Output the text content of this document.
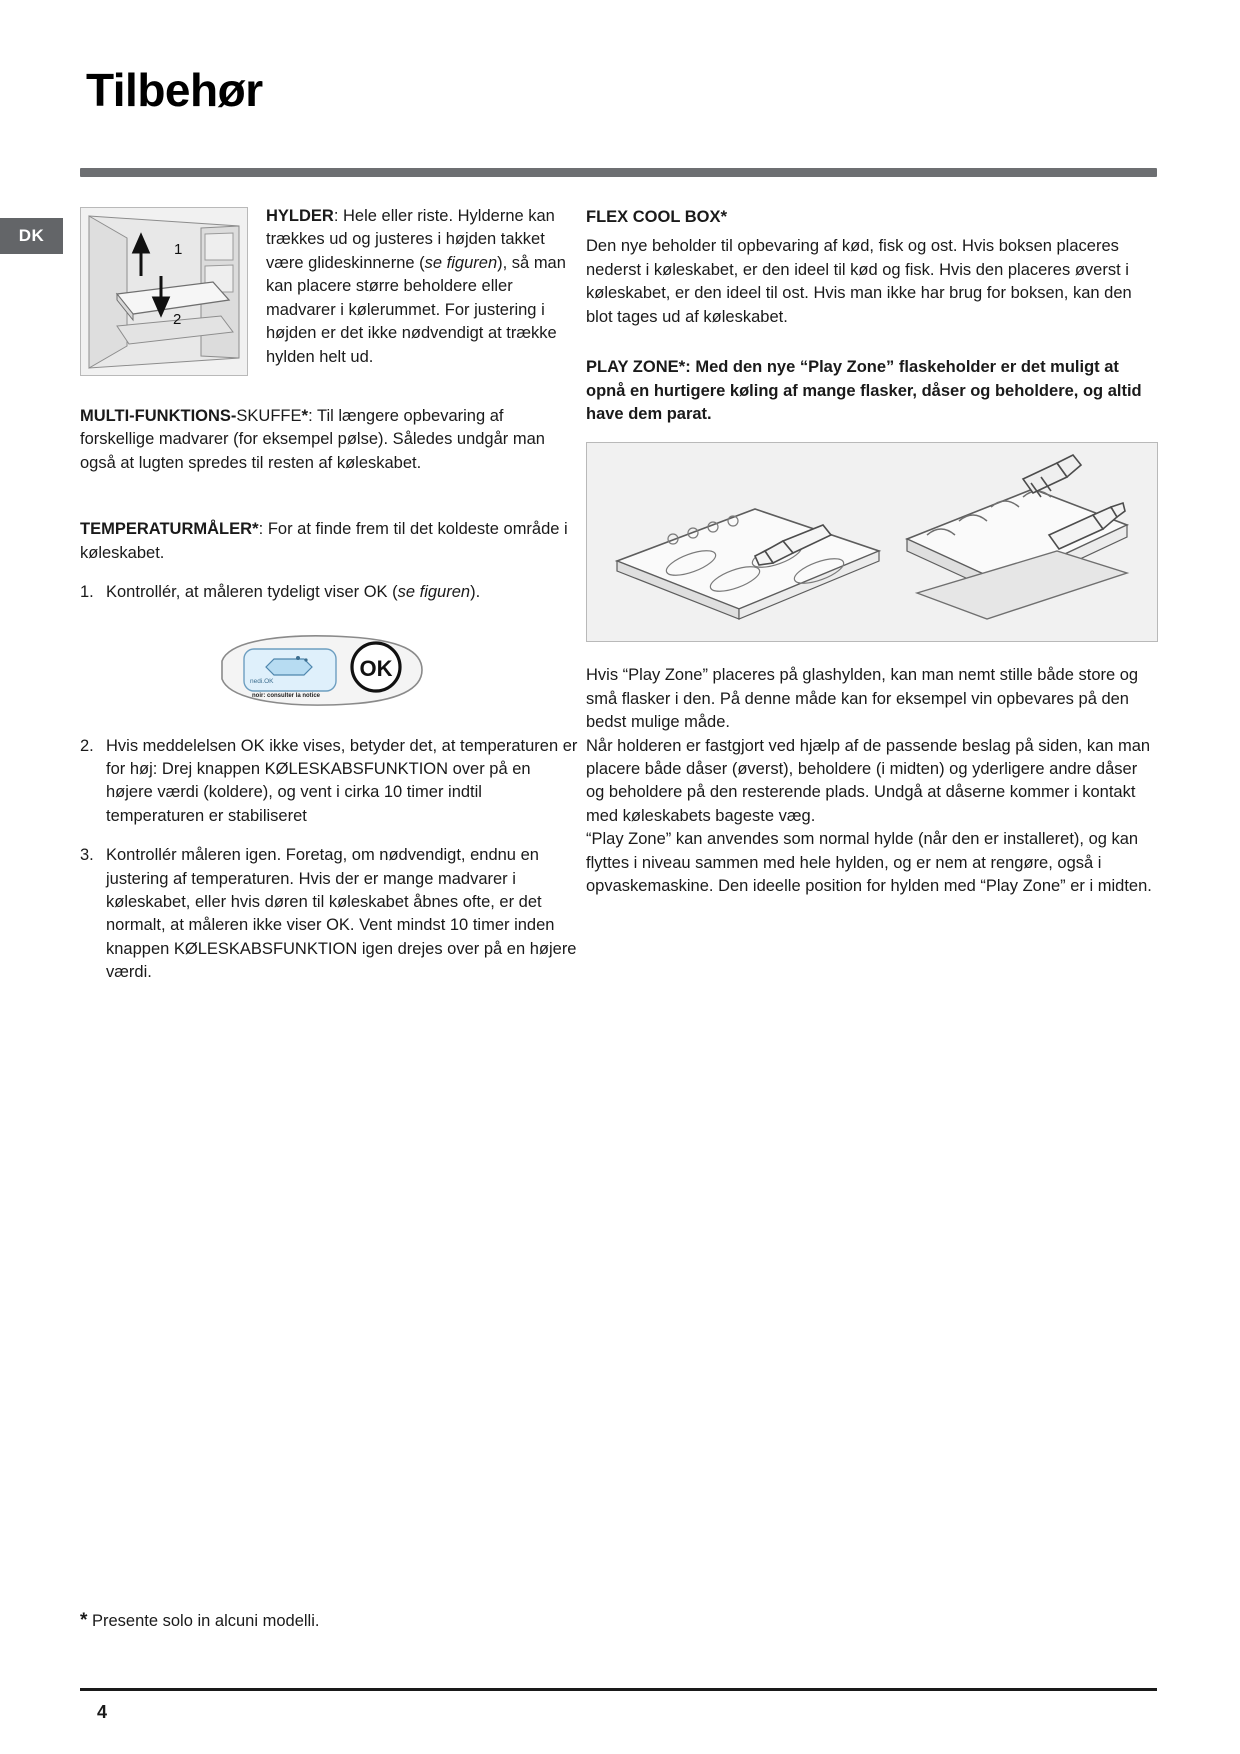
Tilbehør
DK
1
2

HYLDER: Hele eller riste. Hylderne kan trækkes ud og justeres i højden takket være glideskinnerne (se figuren), så man kan placere større beholdere eller madvarer i kølerummet. For justering i højden er det ikke nødvendigt at trække hylden helt ud.

MULTI-FUNKTIONS-SKUFFE*: Til længere opbevaring af forskellige madvarer (for eksempel pølse). Således undgår man også at lugten spredes til resten af køleskabet.

TEMPERATURMÅLER*: For at finde frem til det koldeste område i køleskabet.

1. Kontrollér, at måleren tydeligt viser OK (se figuren).
nedi.OK
noir: consulter la notice
OK
2. Hvis meddelelsen OK ikke vises, betyder det, at temperaturen er for høj: Drej knappen KØLESKABSFUNKTION over på en højere værdi (koldere), og vent i cirka 10 timer indtil temperaturen er stabiliseret
3. Kontrollér måleren igen. Foretag, om nødvendigt, endnu en justering af temperaturen. Hvis der er mange madvarer i køleskabet, eller hvis døren til køleskabet åbnes ofte, er det normalt, at måleren ikke viser OK. Vent mindst 10 timer inden knappen KØLESKABSFUNKTION igen drejes over på en højere værdi.

FLEX COOL BOX*

Den nye beholder til opbevaring af kød, fisk og ost. Hvis boksen placeres nederst i køleskabet, er den ideel til kød og fisk. Hvis den placeres øverst i køleskabet, er den ideel til ost. Hvis man ikke har brug for boksen, kan den blot tages ud af køleskabet.

PLAY ZONE*: Med den nye “Play Zone” flaskeholder er det muligt at opnå en hurtigere køling af mange flasker, dåser og beholdere, og altid have dem parat.

Hvis “Play Zone” placeres på glashylden, kan man nemt stille både store og små flasker i den. På denne måde kan for eksempel vin opbevares på den bedst mulige måde.

Når holderen er fastgjort ved hjælp af de passende beslag på siden, kan man placere både dåser (øverst), beholdere (i midten) og yderligere andre dåser og beholdere på den resterende plads. Undgå at dåserne kommer i kontakt med køleskabets bageste væg.

“Play Zone” kan anvendes som normal hylde (når den er installeret), og kan flyttes i niveau sammen med hele hylden, og er nem at rengøre, også i opvaskemaskine. Den ideelle position for hylden med “Play Zone” er i midten.

* Presente solo in alcuni modelli.
4
